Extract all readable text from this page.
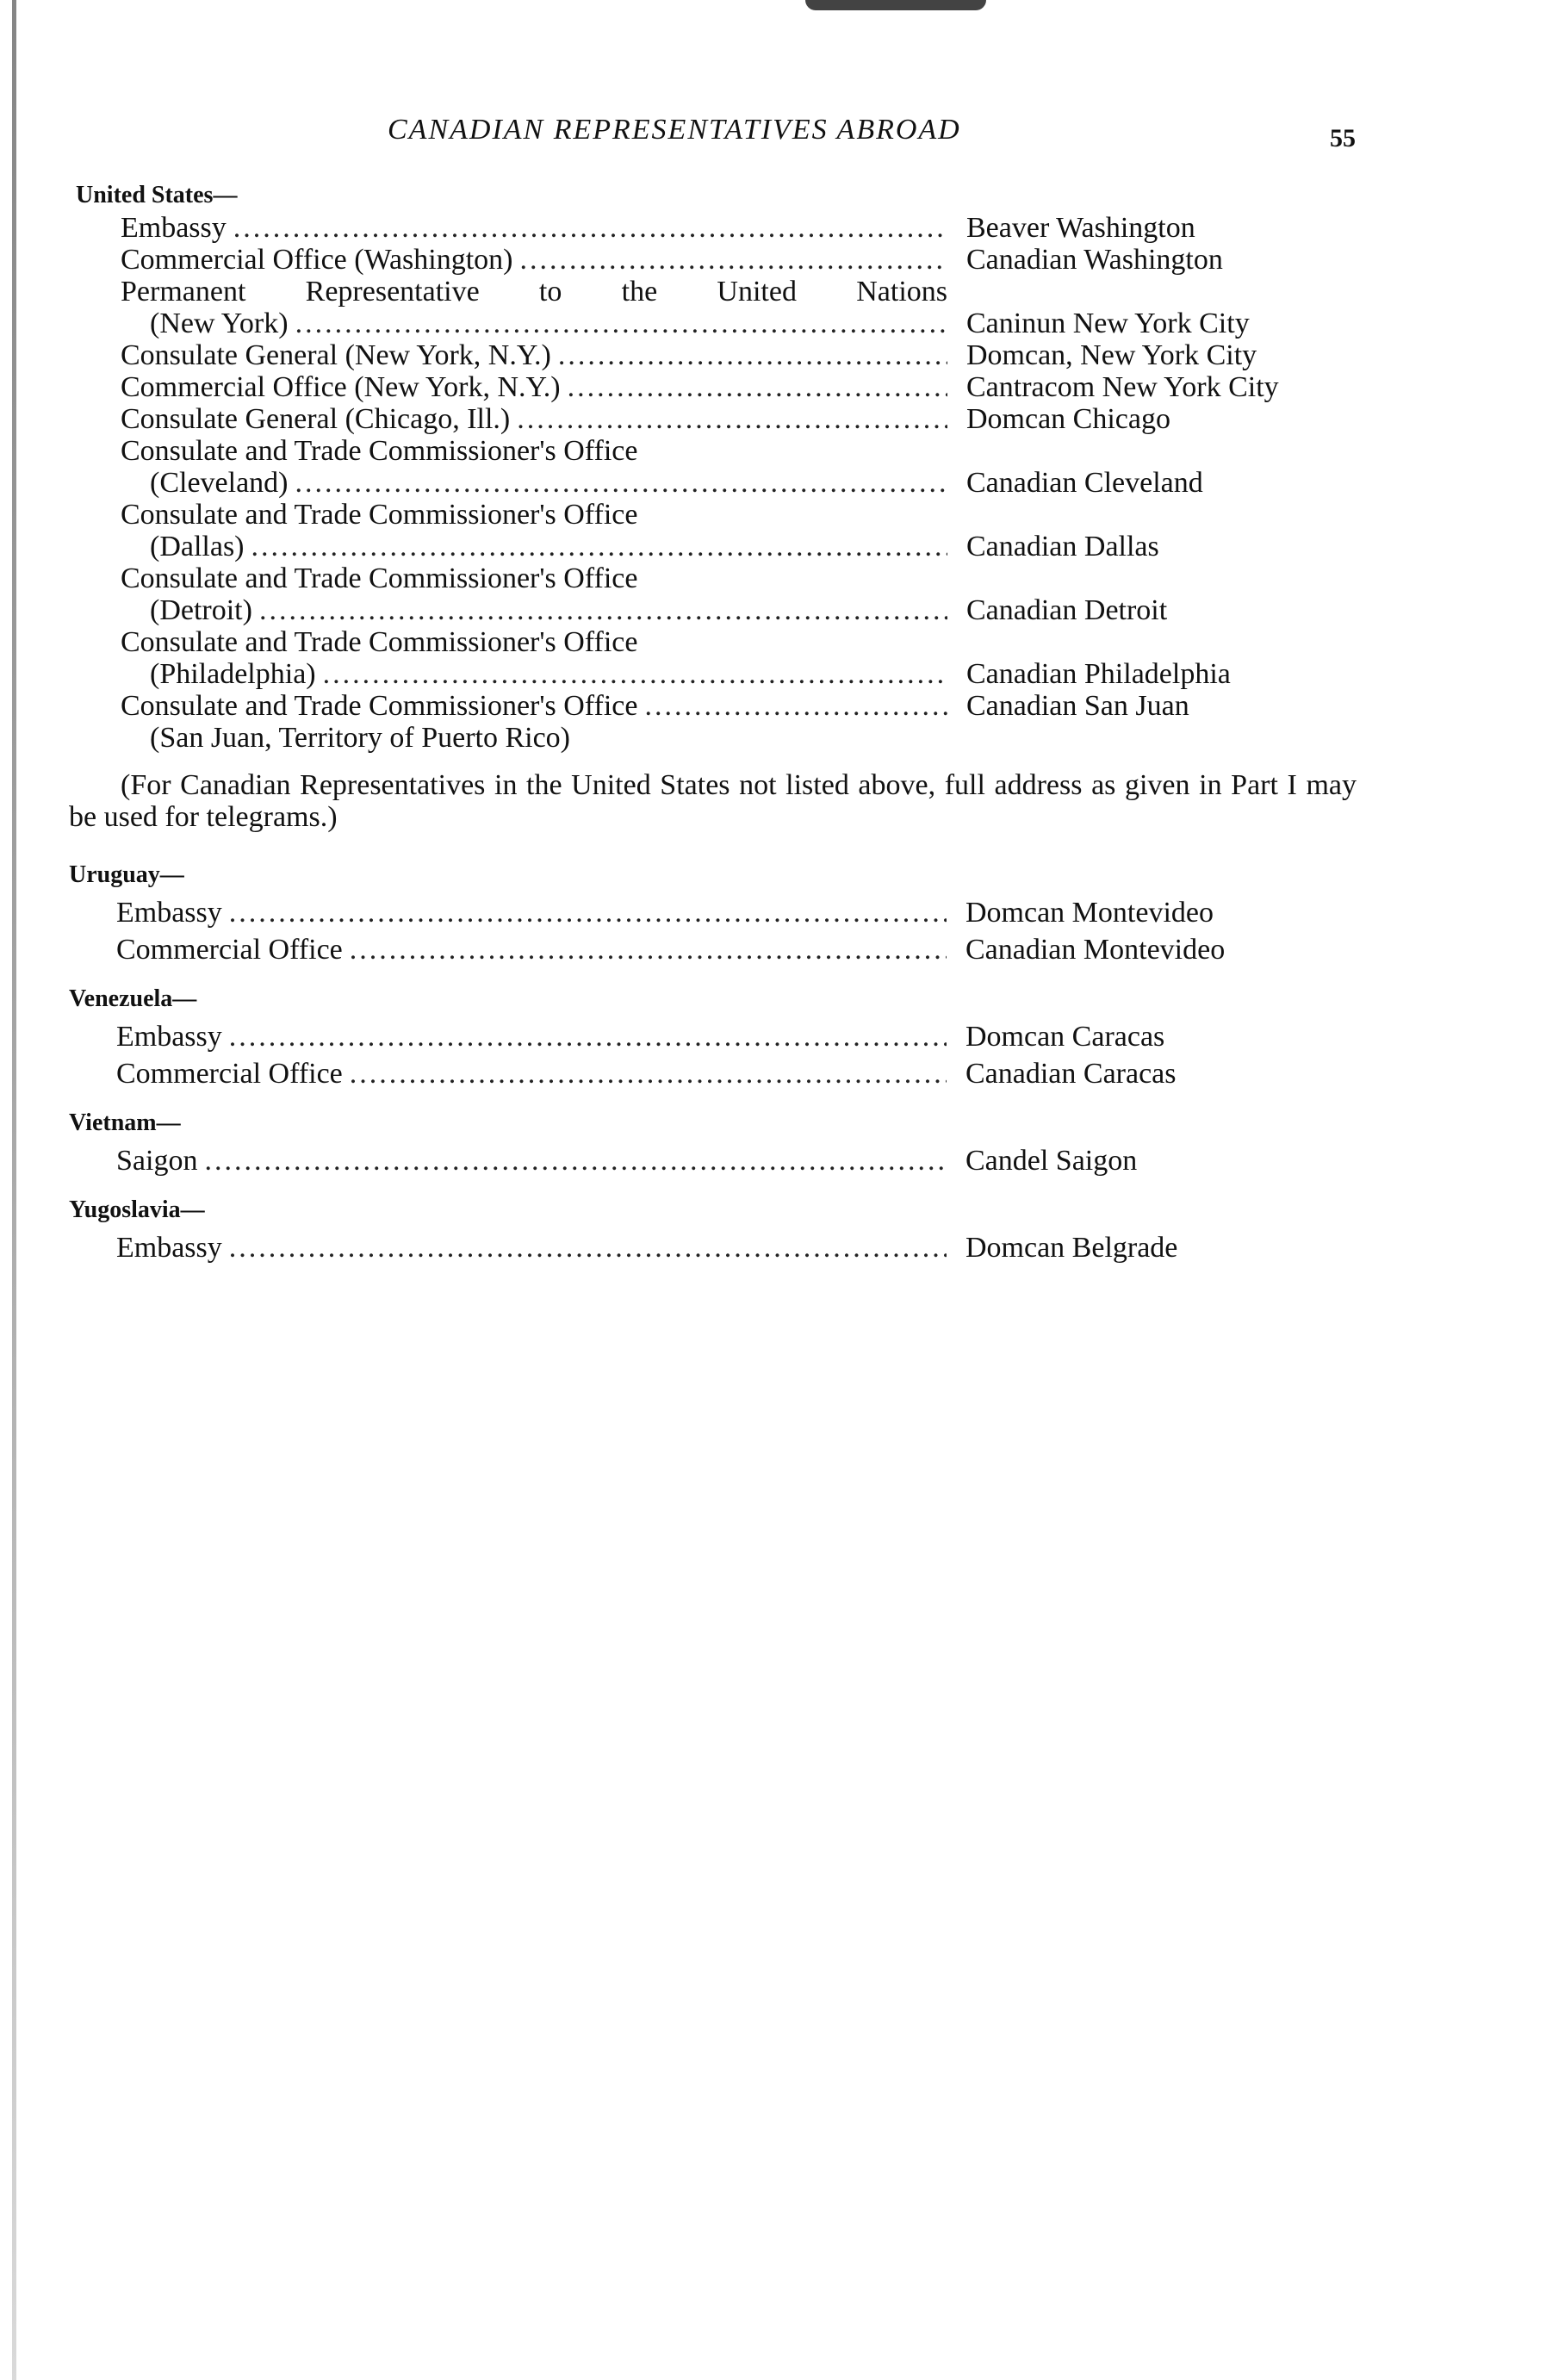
CANADIAN REPRESENTATIVES ABROAD	55
United States—
Embassy .....	Beaver Washington
Commercial Office (Washington) .....	Canadian Washington
Permanent Representative to the United Nations
(New York) .....	Caninun New York City
Consulate General (New York, N.Y.) .....	Domcan, New York City
Commercial Office (New York, N.Y.) .....	Cantracom New York City
Consulate General (Chicago, Ill.) .....	Domcan Chicago
Consulate and Trade Commissioner's Office
(Cleveland) .....	Canadian Cleveland
Consulate and Trade Commissioner's Office
(Dallas) .....	Canadian Dallas
Consulate and Trade Commissioner's Office
(Detroit) .....	Canadian Detroit
Consulate and Trade Commissioner's Office
(Philadelphia) .....	Canadian Philadelphia
Consulate and Trade Commissioner's Office .....	Canadian San Juan
(San Juan, Territory of Puerto Rico)
(For Canadian Representatives in the United States not listed above, full address as given in Part I may be used for telegrams.)
Uruguay—
Embassy .....	Domcan Montevideo
Commercial Office .....	Canadian Montevideo
Venezuela—
Embassy .....	Domcan Caracas
Commercial Office .....	Canadian Caracas
Vietnam—
Saigon .....	Candel Saigon
Yugoslavia—
Embassy .....	Domcan Belgrade
